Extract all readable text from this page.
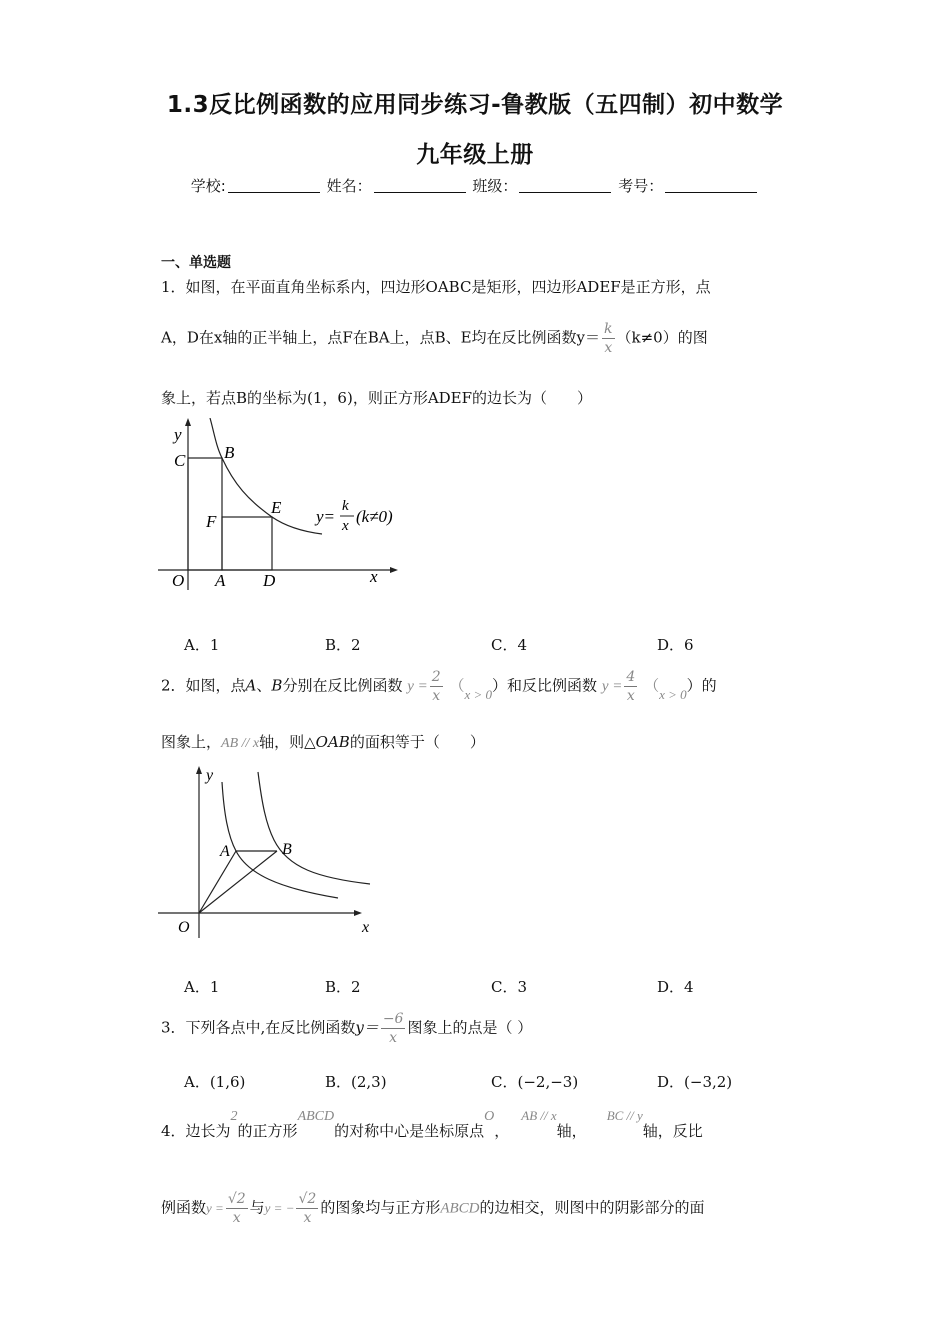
1.3反比例函数的应用同步练习-鲁教版（五四制）初中数学
九年级上册
学校:	姓名：	班级：	考号：
一、单选题
1．如图，在平面直角坐标系内，四边形OABC是矩形，四边形ADEF是正方形，点
A，D在x轴的正半轴上，点F在BA上，点B、E均在反比例函数$y= \frac{k}{x} (k\ne 0)$的图
象上，若点B的坐标为(1，6)，则正方形ADEF的边长为（　　）
y
C B
E
F
O A D	x
y=
k
x (k≠0)
A．1	B．2	C．4	D．6
2．如图，点A、B分别在反比例函数 $y = \frac{2}{x} (x > 0)$和反比例函数 $y = \frac{4}{x} (x > 0)$的
图象上，AB // x轴，则△OAB的面积等于（　　）
y
A	B
O	x
A．1	B．2	C．3	D．4
3．下列各点中,在反比例函数$y= \frac{-6}{x}$ 图象上的点是（ ）
A．(1,6)	B．(2,3)	C．(−2,−3)	D．(−3,2)
4．边长为2的正方形ABCD的对称中心是坐标原点O，AB // x轴，BC // y轴，反比
例函数$y = \frac{√2}{x}$ 与y = − $\frac{√2}{x}$ 的图象均与正方形ABCD的边相交，则图中的阴影部分的面
